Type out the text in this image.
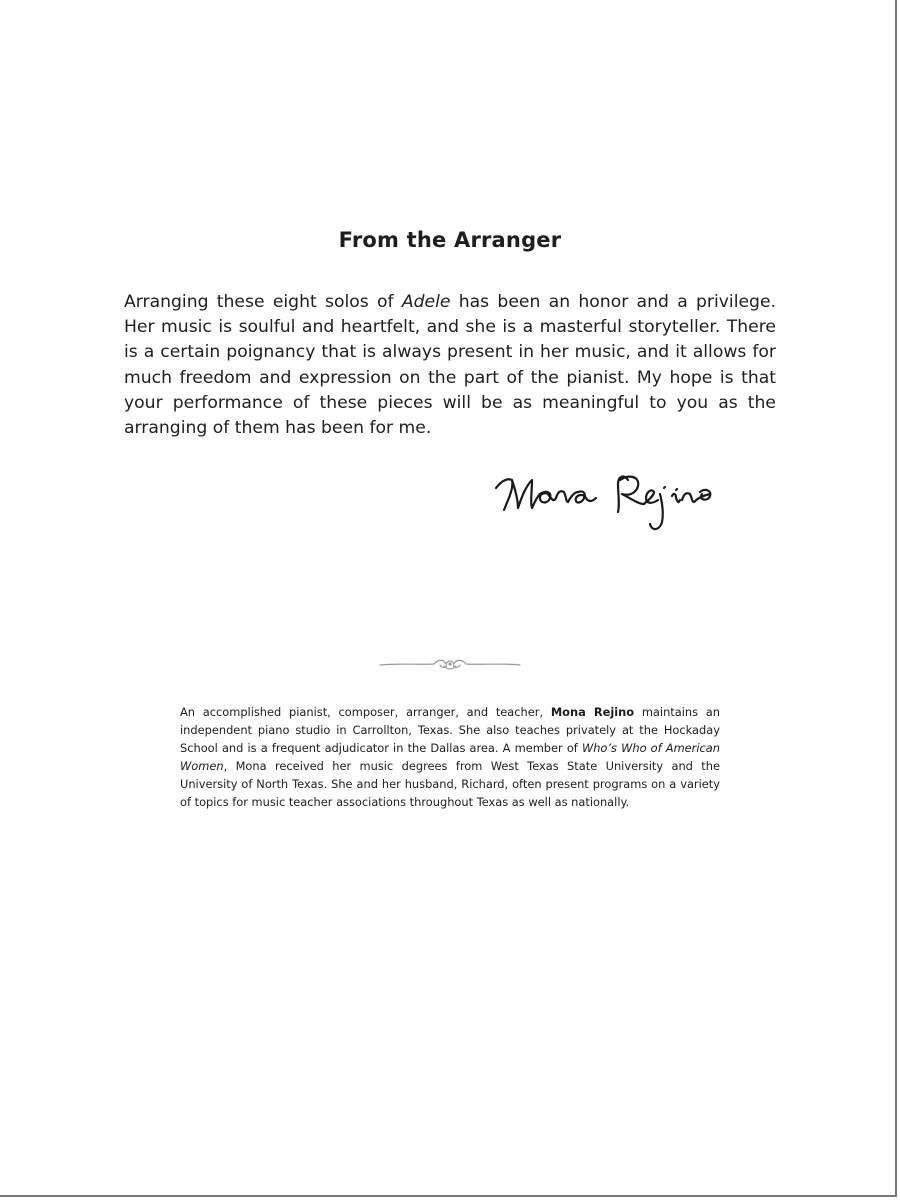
From the Arranger

Arranging these eight solos of Adele has been an honor and a privilege. Her music is soulful and heartfelt, and she is a masterful storyteller. There is a certain poignancy that is always present in her music, and it allows for much freedom and expression on the part of the pianist. My hope is that your performance of these pieces will be as meaningful to you as the arranging of them has been for me.

An accomplished pianist, composer, arranger, and teacher, Mona Rejino maintains an independent piano studio in Carrollton, Texas. She also teaches privately at the Hockaday School and is a frequent adjudicator in the Dallas area. A member of Who’s Who of American Women, Mona received her music degrees from West Texas State University and the University of North Texas. She and her husband, Richard, often present programs on a variety of topics for music teacher associations throughout Texas as well as nationally.
